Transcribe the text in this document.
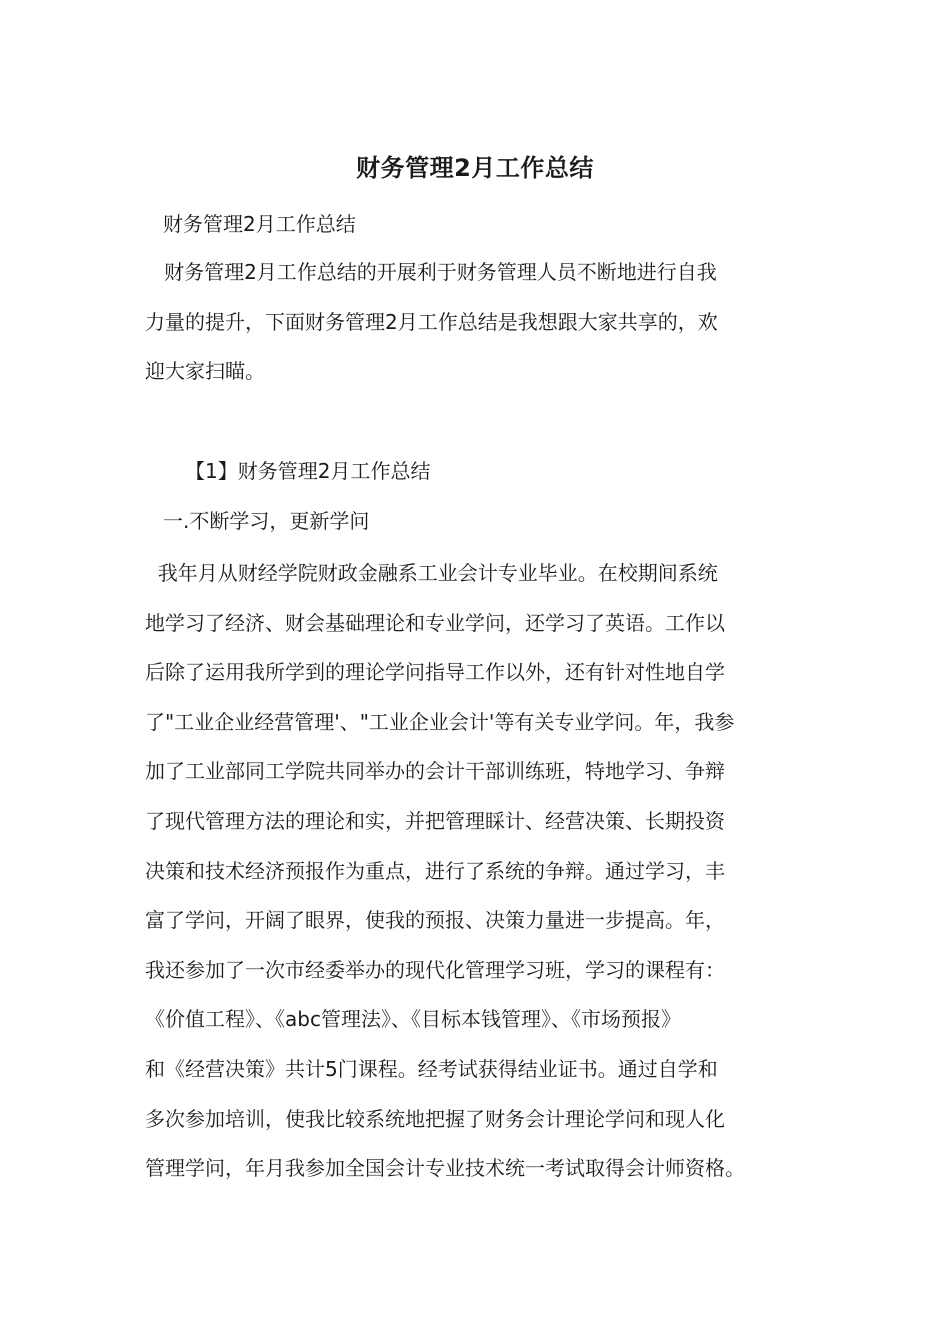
财务管理2月工作总结
财务管理2月工作总结
财务管理2月工作总结的开展利于财务管理人员不断地进行自我
力量的提升，下面财务管理2月工作总结是我想跟大家共享的，欢
迎大家扫瞄。
【1】财务管理2月工作总结
一.不断学习，更新学问
我年月从财经学院财政金融系工业会计专业毕业。在校期间系统
地学习了经济、财会基础理论和专业学问，还学习了英语。工作以
后除了运用我所学到的理论学问指导工作以外，还有针对性地自学
了"工业企业经营管理'、"工业企业会计'等有关专业学问。年，我参
加了工业部同工学院共同举办的会计干部训练班，特地学习、争辩
了现代管理方法的理论和实，并把管理睬计、经营决策、长期投资
决策和技术经济预报作为重点，进行了系统的争辩。通过学习，丰
富了学问，开阔了眼界，使我的预报、决策力量进一步提高。年，
我还参加了一次市经委举办的现代化管理学习班，学习的课程有：
《价值工程》、《abc管理法》、《目标本钱管理》、《市场预报》
和《经营决策》共计5门课程。经考试获得结业证书。通过自学和
多次参加培训，使我比较系统地把握了财务会计理论学问和现人化
管理学问，年月我参加全国会计专业技术统一考试取得会计师资格。
